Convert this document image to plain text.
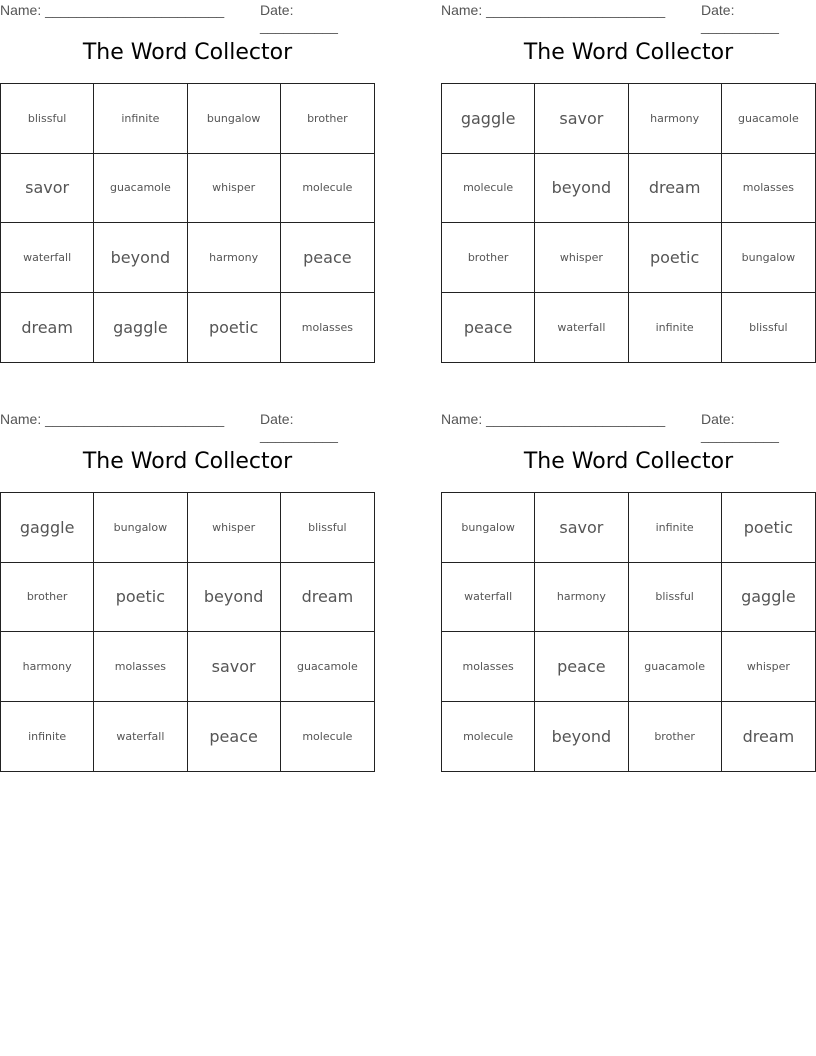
Name: _______________________	Date: __________
The Word Collector
blissful	infinite	bungalow	brother
savor	guacamole	whisper	molecule
waterfall	beyond	harmony	peace
dream	gaggle	poetic	molasses
Name: _______________________	Date: __________
The Word Collector
gaggle	savor	harmony	guacamole
molecule	beyond	dream	molasses
brother	whisper	poetic	bungalow
peace	waterfall	infinite	blissful
Name: _______________________	Date: __________
The Word Collector
gaggle	bungalow	whisper	blissful
brother	poetic	beyond	dream
harmony	molasses	savor	guacamole
infinite	waterfall	peace	molecule
Name: _______________________	Date: __________
The Word Collector
bungalow	savor	infinite	poetic
waterfall	harmony	blissful	gaggle
molasses	peace	guacamole	whisper
molecule	beyond	brother	dream
